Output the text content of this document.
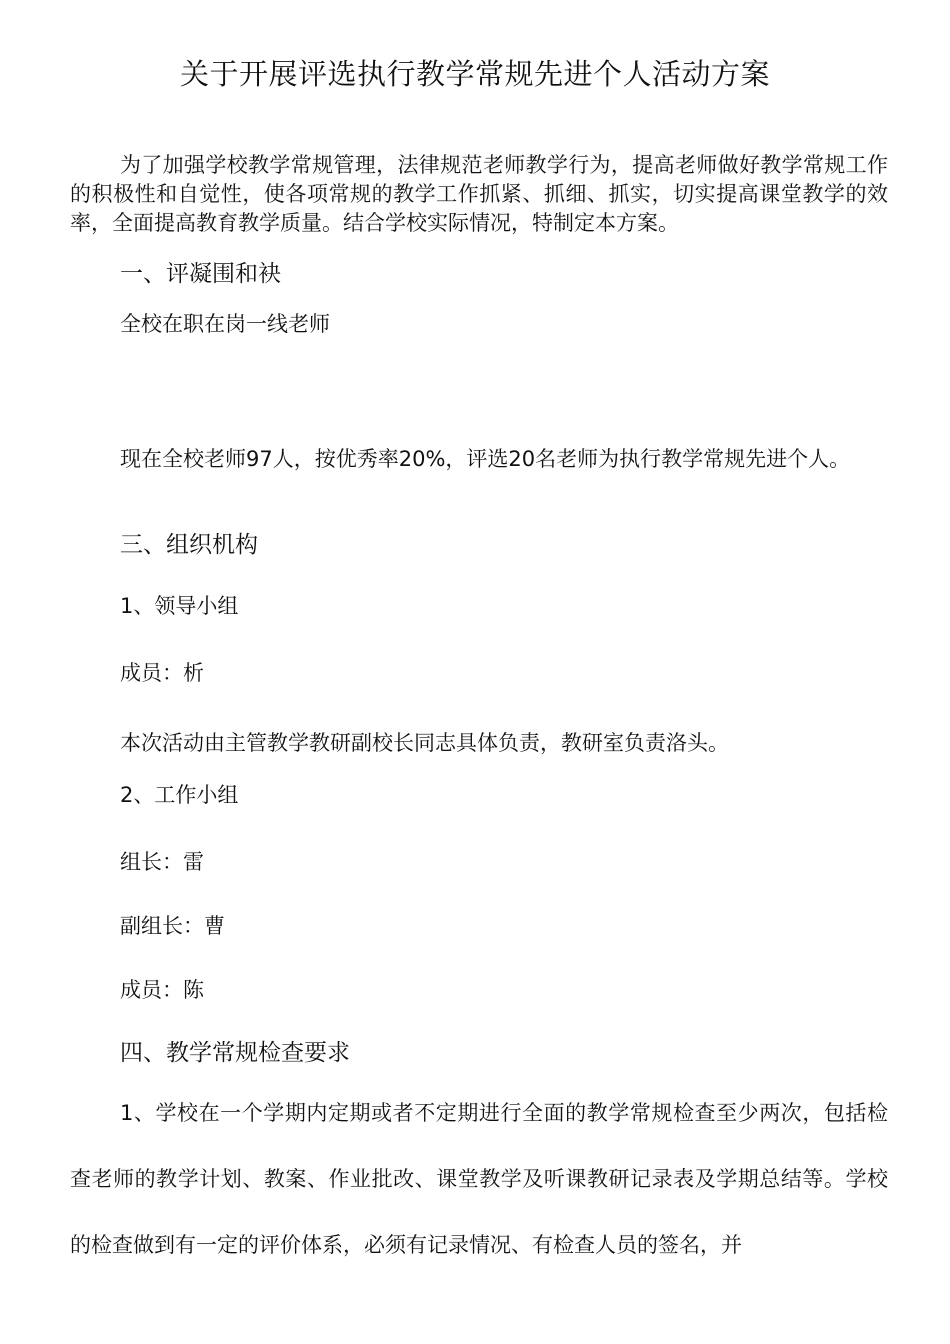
关于开展评选执行教学常规先进个人活动方案

为了加强学校教学常规管理，法律规范老师教学行为，提高老师做好教学常规工作的积极性和自觉性，使各项常规的教学工作抓紧、抓细、抓实，切实提高课堂教学的效率，全面提高教育教学质量。结合学校实际情况，特制定本方案。

一、评凝围和袂

全校在职在岗一线老师

现在全校老师97人，按优秀率20%，评选20名老师为执行教学常规先进个人。

三、组织机构

1、领导小组

成员：析

本次活动由主管教学教研副校长同志具体负责，教研室负责洛头。

2、工作小组

组长：雷

副组长：曹

成员：陈

四、教学常规检查要求

1、学校在一个学期内定期或者不定期进行全面的教学常规检查至少两次，包括检查老师的教学计划、教案、作业批改、课堂教学及听课教研记录表及学期总结等。学校的检查做到有一定的评价体系，必须有记录情况、有检查人员的签名，并
